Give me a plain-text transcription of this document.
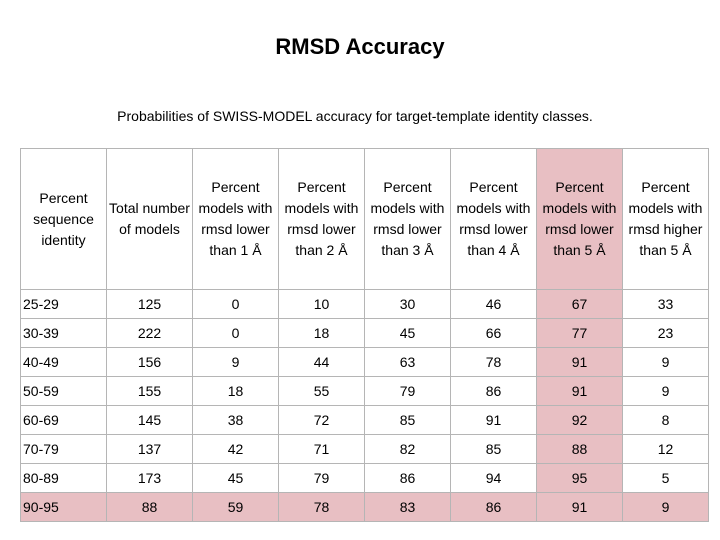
RMSD Accuracy
Probabilities of SWISS-MODEL accuracy for target-template identity classes.
Percent sequence identity	Total number of models	Percent models with rmsd lower than 1 Å	Percent models with rmsd lower than 2 Å	Percent models with rmsd lower than 3 Å	Percent models with rmsd lower than 4 Å	Percent models with rmsd lower than 5 Å	Percent models with rmsd higher than 5 Å

25-29	125	0	10	30	46	67	33
30-39	222	0	18	45	66	77	23
40-49	156	9	44	63	78	91	9
50-59	155	18	55	79	86	91	9
60-69	145	38	72	85	91	92	8
70-79	137	42	71	82	85	88	12
80-89	173	45	79	86	94	95	5
90-95	88	59	78	83	86	91	9
